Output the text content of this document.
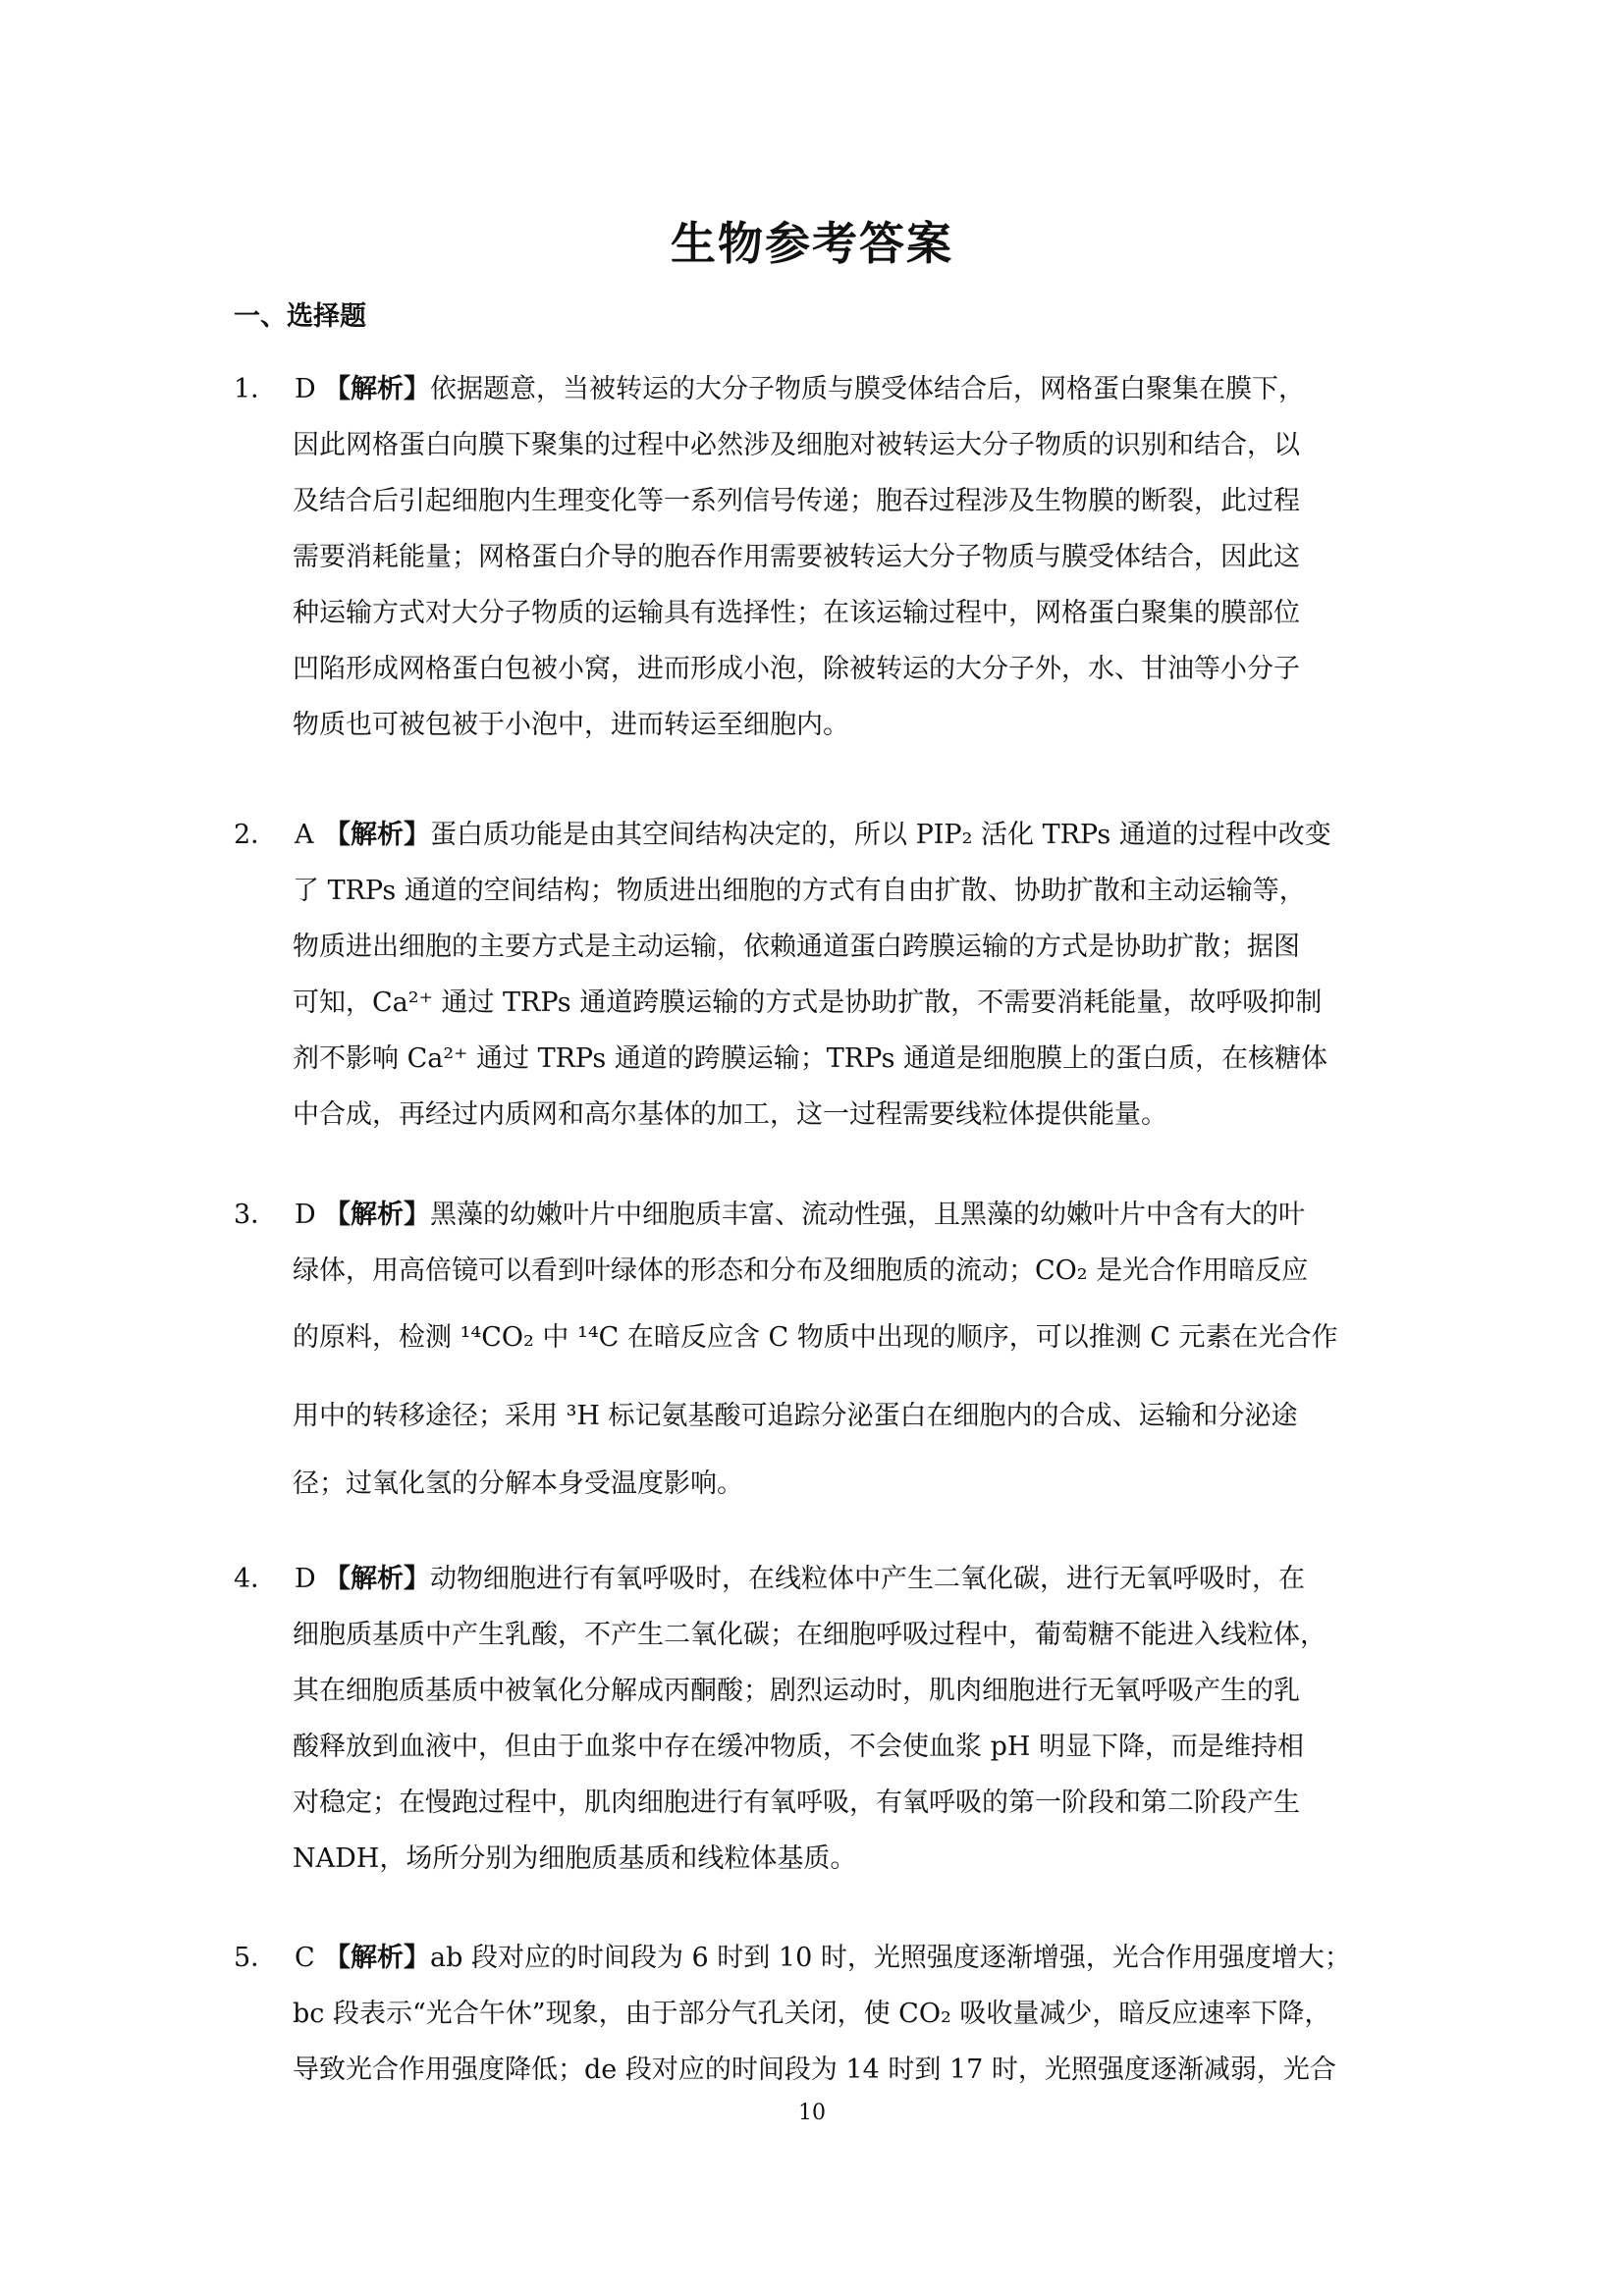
生物参考答案
一、选择题
1． D 【解析】依据题意，当被转运的大分子物质与膜受体结合后，网格蛋白聚集在膜下，
因此网格蛋白向膜下聚集的过程中必然涉及细胞对被转运大分子物质的识别和结合，以
及结合后引起细胞内生理变化等一系列信号传递；胞吞过程涉及生物膜的断裂，此过程
需要消耗能量；网格蛋白介导的胞吞作用需要被转运大分子物质与膜受体结合，因此这
种运输方式对大分子物质的运输具有选择性；在该运输过程中，网格蛋白聚集的膜部位
凹陷形成网格蛋白包被小窝，进而形成小泡，除被转运的大分子外，水、甘油等小分子
物质也可被包被于小泡中，进而转运至细胞内。
2． A 【解析】蛋白质功能是由其空间结构决定的，所以 PIP₂ 活化 TRPs 通道的过程中改变
了 TRPs 通道的空间结构；物质进出细胞的方式有自由扩散、协助扩散和主动运输等，
物质进出细胞的主要方式是主动运输，依赖通道蛋白跨膜运输的方式是协助扩散；据图
可知，Ca²⁺ 通过 TRPs 通道跨膜运输的方式是协助扩散，不需要消耗能量，故呼吸抑制
剂不影响 Ca²⁺ 通过 TRPs 通道的跨膜运输；TRPs 通道是细胞膜上的蛋白质，在核糖体
中合成，再经过内质网和高尔基体的加工，这一过程需要线粒体提供能量。
3． D 【解析】黑藻的幼嫩叶片中细胞质丰富、流动性强，且黑藻的幼嫩叶片中含有大的叶
绿体，用高倍镜可以看到叶绿体的形态和分布及细胞质的流动；CO₂ 是光合作用暗反应
的原料，检测 ¹⁴CO₂ 中 ¹⁴C 在暗反应含 C 物质中出现的顺序，可以推测 C 元素在光合作
用中的转移途径；采用 ³H 标记氨基酸可追踪分泌蛋白在细胞内的合成、运输和分泌途
径；过氧化氢的分解本身受温度影响。
4． D 【解析】动物细胞进行有氧呼吸时，在线粒体中产生二氧化碳，进行无氧呼吸时，在
细胞质基质中产生乳酸，不产生二氧化碳；在细胞呼吸过程中，葡萄糖不能进入线粒体，
其在细胞质基质中被氧化分解成丙酮酸；剧烈运动时，肌肉细胞进行无氧呼吸产生的乳
酸释放到血液中，但由于血浆中存在缓冲物质，不会使血浆 pH 明显下降，而是维持相
对稳定；在慢跑过程中，肌肉细胞进行有氧呼吸，有氧呼吸的第一阶段和第二阶段产生
NADH，场所分别为细胞质基质和线粒体基质。
5． C 【解析】ab 段对应的时间段为 6 时到 10 时，光照强度逐渐增强，光合作用强度增大；
bc 段表示“光合午休”现象，由于部分气孔关闭，使 CO₂ 吸收量减少，暗反应速率下降，
导致光合作用强度降低；de 段对应的时间段为 14 时到 17 时，光照强度逐渐减弱，光合
10
